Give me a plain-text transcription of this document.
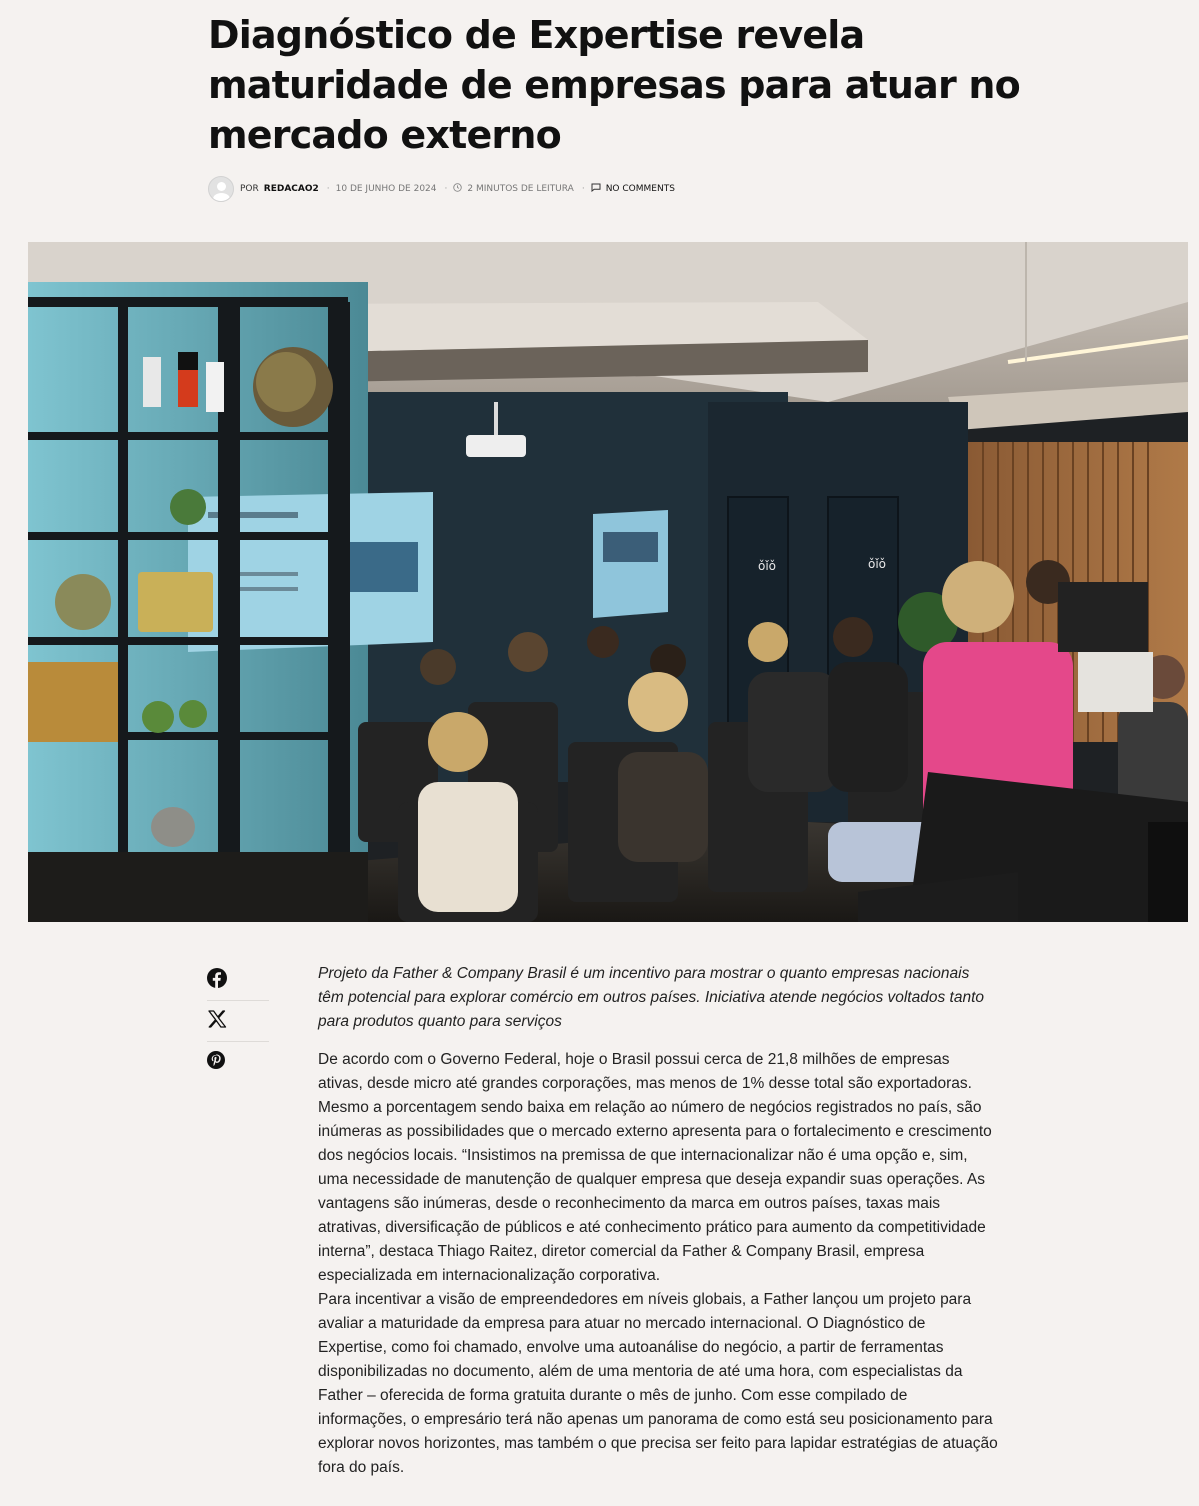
Diagnóstico de Expertise revela maturidade de empresas para atuar no mercado externo
POR REDACAO2 · 10 DE JUNHO DE 2024 · 2 MINUTOS DE LEITURA · NO COMMENTS
ǒǐǒ	ǒǐǒ

Projeto da Father & Company Brasil é um incentivo para mostrar o quanto empresas nacionais têm potencial para explorar comércio em outros países. Iniciativa atende negócios voltados tanto para produtos quanto para serviços

De acordo com o Governo Federal, hoje o Brasil possui cerca de 21,8 milhões de empresas ativas, desde micro até grandes corporações, mas menos de 1% desse total são exportadoras. Mesmo a porcentagem sendo baixa em relação ao número de negócios registrados no país, são inúmeras as possibilidades que o mercado externo apresenta para o fortalecimento e crescimento dos negócios locais. “Insistimos na premissa de que internacionalizar não é uma opção e, sim, uma necessidade de manutenção de qualquer empresa que deseja expandir suas operações. As vantagens são inúmeras, desde o reconhecimento da marca em outros países, taxas mais atrativas, diversificação de públicos e até conhecimento prático para aumento da competitividade interna”, destaca Thiago Raitez, diretor comercial da Father & Company Brasil, empresa especializada em internacionalização corporativa.

Para incentivar a visão de empreendedores em níveis globais, a Father lançou um projeto para avaliar a maturidade da empresa para atuar no mercado internacional. O Diagnóstico de Expertise, como foi chamado, envolve uma autoanálise do negócio, a partir de ferramentas disponibilizadas no documento, além de uma mentoria de até uma hora, com especialistas da Father – oferecida de forma gratuita durante o mês de junho. Com esse compilado de informações, o empresário terá não apenas um panorama de como está seu posicionamento para explorar novos horizontes, mas também o que precisa ser feito para lapidar estratégias de atuação fora do país.
